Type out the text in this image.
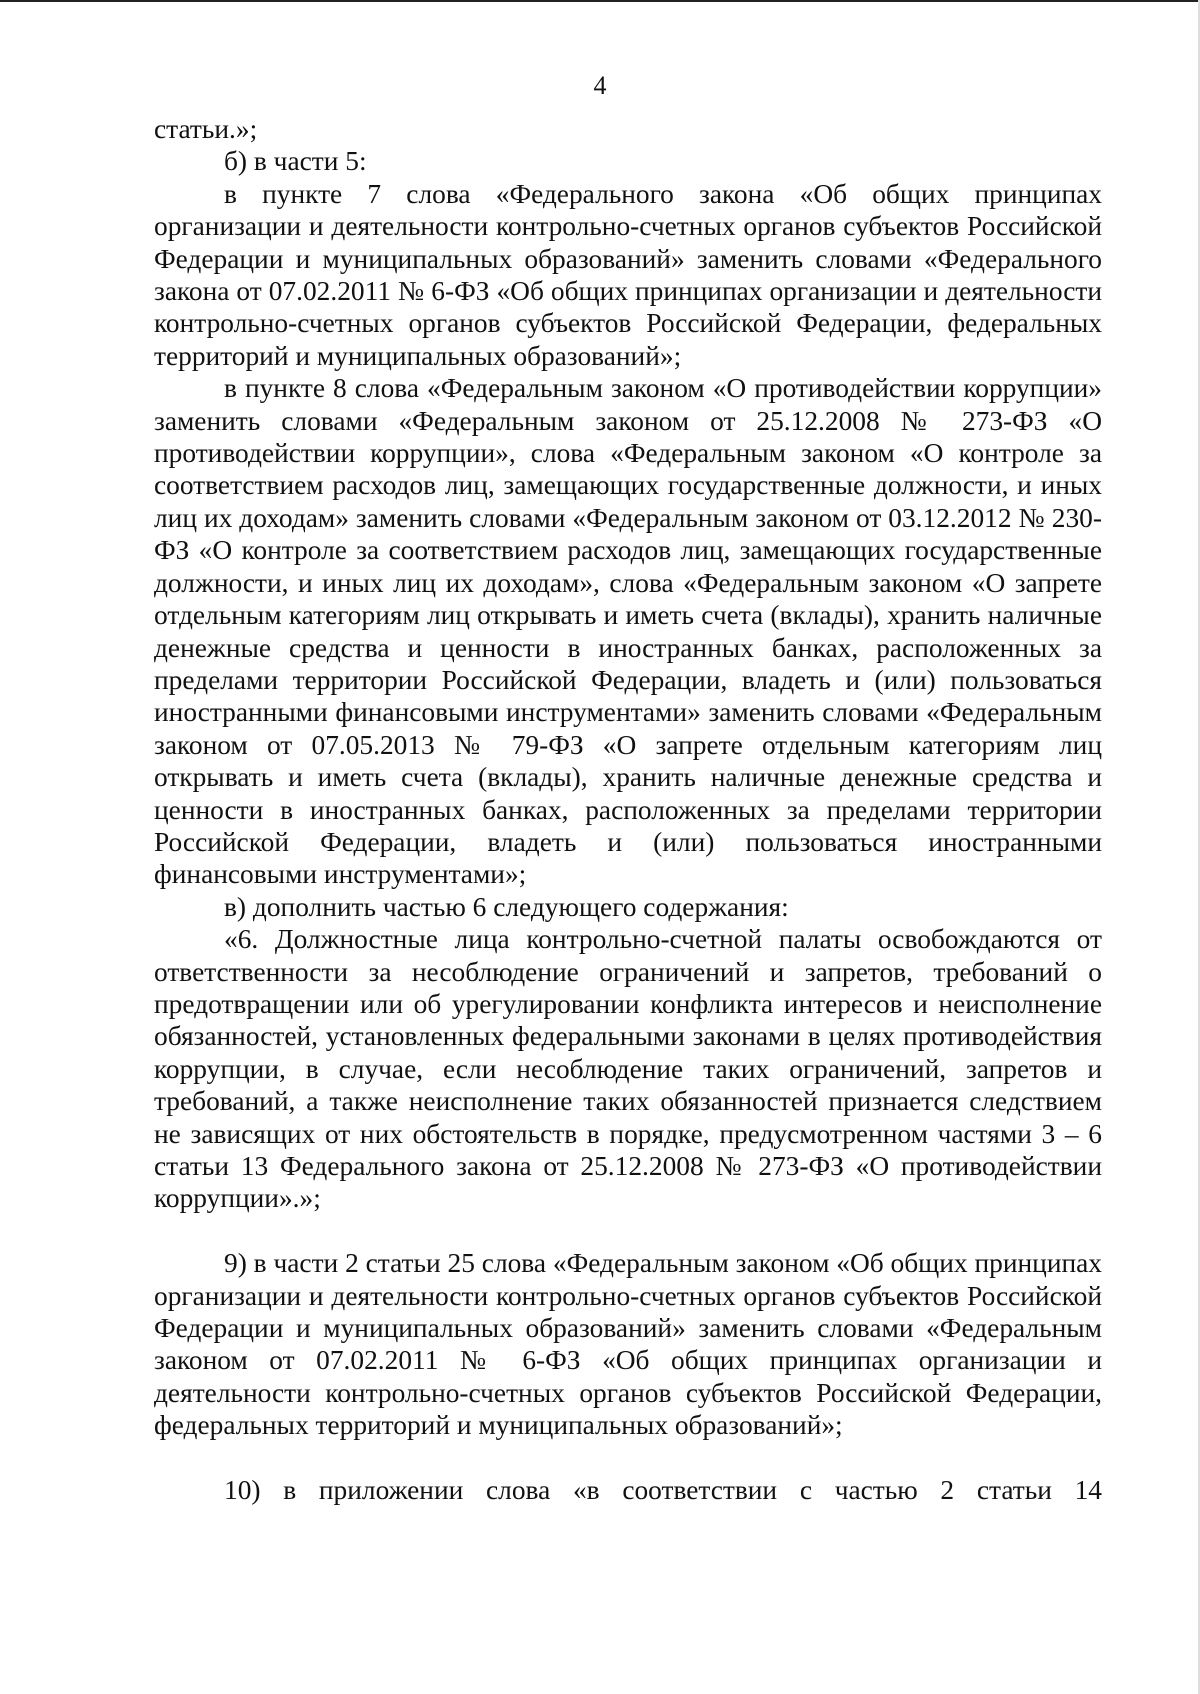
4

статьи.»;

б) в части 5:

в пункте 7 слова «Федерального закона «Об общих принципах организации и деятельности контрольно-счетных органов субъектов Российской Федерации и муниципальных образований» заменить словами «Федерального закона от 07.02.2011 № 6-ФЗ «Об общих принципах организации и деятельности контрольно-счетных органов субъектов Российской Федерации, федеральных территорий и муниципальных образований»;

в пункте 8 слова «Федеральным законом «О противодействии коррупции» заменить словами «Федеральным законом от 25.12.2008 № 273-ФЗ «О противодействии коррупции», слова «Федеральным законом «О контроле за соответствием расходов лиц, замещающих государственные должности, и иных лиц их доходам» заменить словами «Федеральным законом от 03.12.2012 № 230-ФЗ «О контроле за соответствием расходов лиц, замещающих государственные должности, и иных лиц их доходам», слова «Федеральным законом «О запрете отдельным категориям лиц открывать и иметь счета (вклады), хранить наличные денежные средства и ценности в иностранных банках, расположенных за пределами территории Российской Федерации, владеть и (или) пользоваться иностранными финансовыми инструментами» заменить словами «Федеральным законом от 07.05.2013 № 79-ФЗ «О запрете отдельным категориям лиц открывать и иметь счета (вклады), хранить наличные денежные средства и ценности в иностранных банках, расположенных за пределами территории Российской Федерации, владеть и (или) пользоваться иностранными финансовыми инструментами»;

в) дополнить частью 6 следующего содержания:

«6. Должностные лица контрольно-счетной палаты освобождаются от ответственности за несоблюдение ограничений и запретов, требований о предотвращении или об урегулировании конфликта интересов и неисполнение обязанностей, установленных федеральными законами в целях противодействия коррупции, в случае, если несоблюдение таких ограничений, запретов и требований, а также неисполнение таких обязанностей признается следствием не зависящих от них обстоятельств в порядке, предусмотренном частями 3 – 6 статьи 13 Федерального закона от 25.12.2008 № 273-ФЗ «О противодействии коррупции».»;

9) в части 2 статьи 25 слова «Федеральным законом «Об общих принципах организации и деятельности контрольно-счетных органов субъектов Российской Федерации и муниципальных образований» заменить словами «Федеральным законом от 07.02.2011 № 6-ФЗ «Об общих принципах организации и деятельности контрольно-счетных органов субъектов Российской Федерации, федеральных территорий и муниципальных образований»;

10) в приложении слова «в соответствии с частью 2 статьи 14
